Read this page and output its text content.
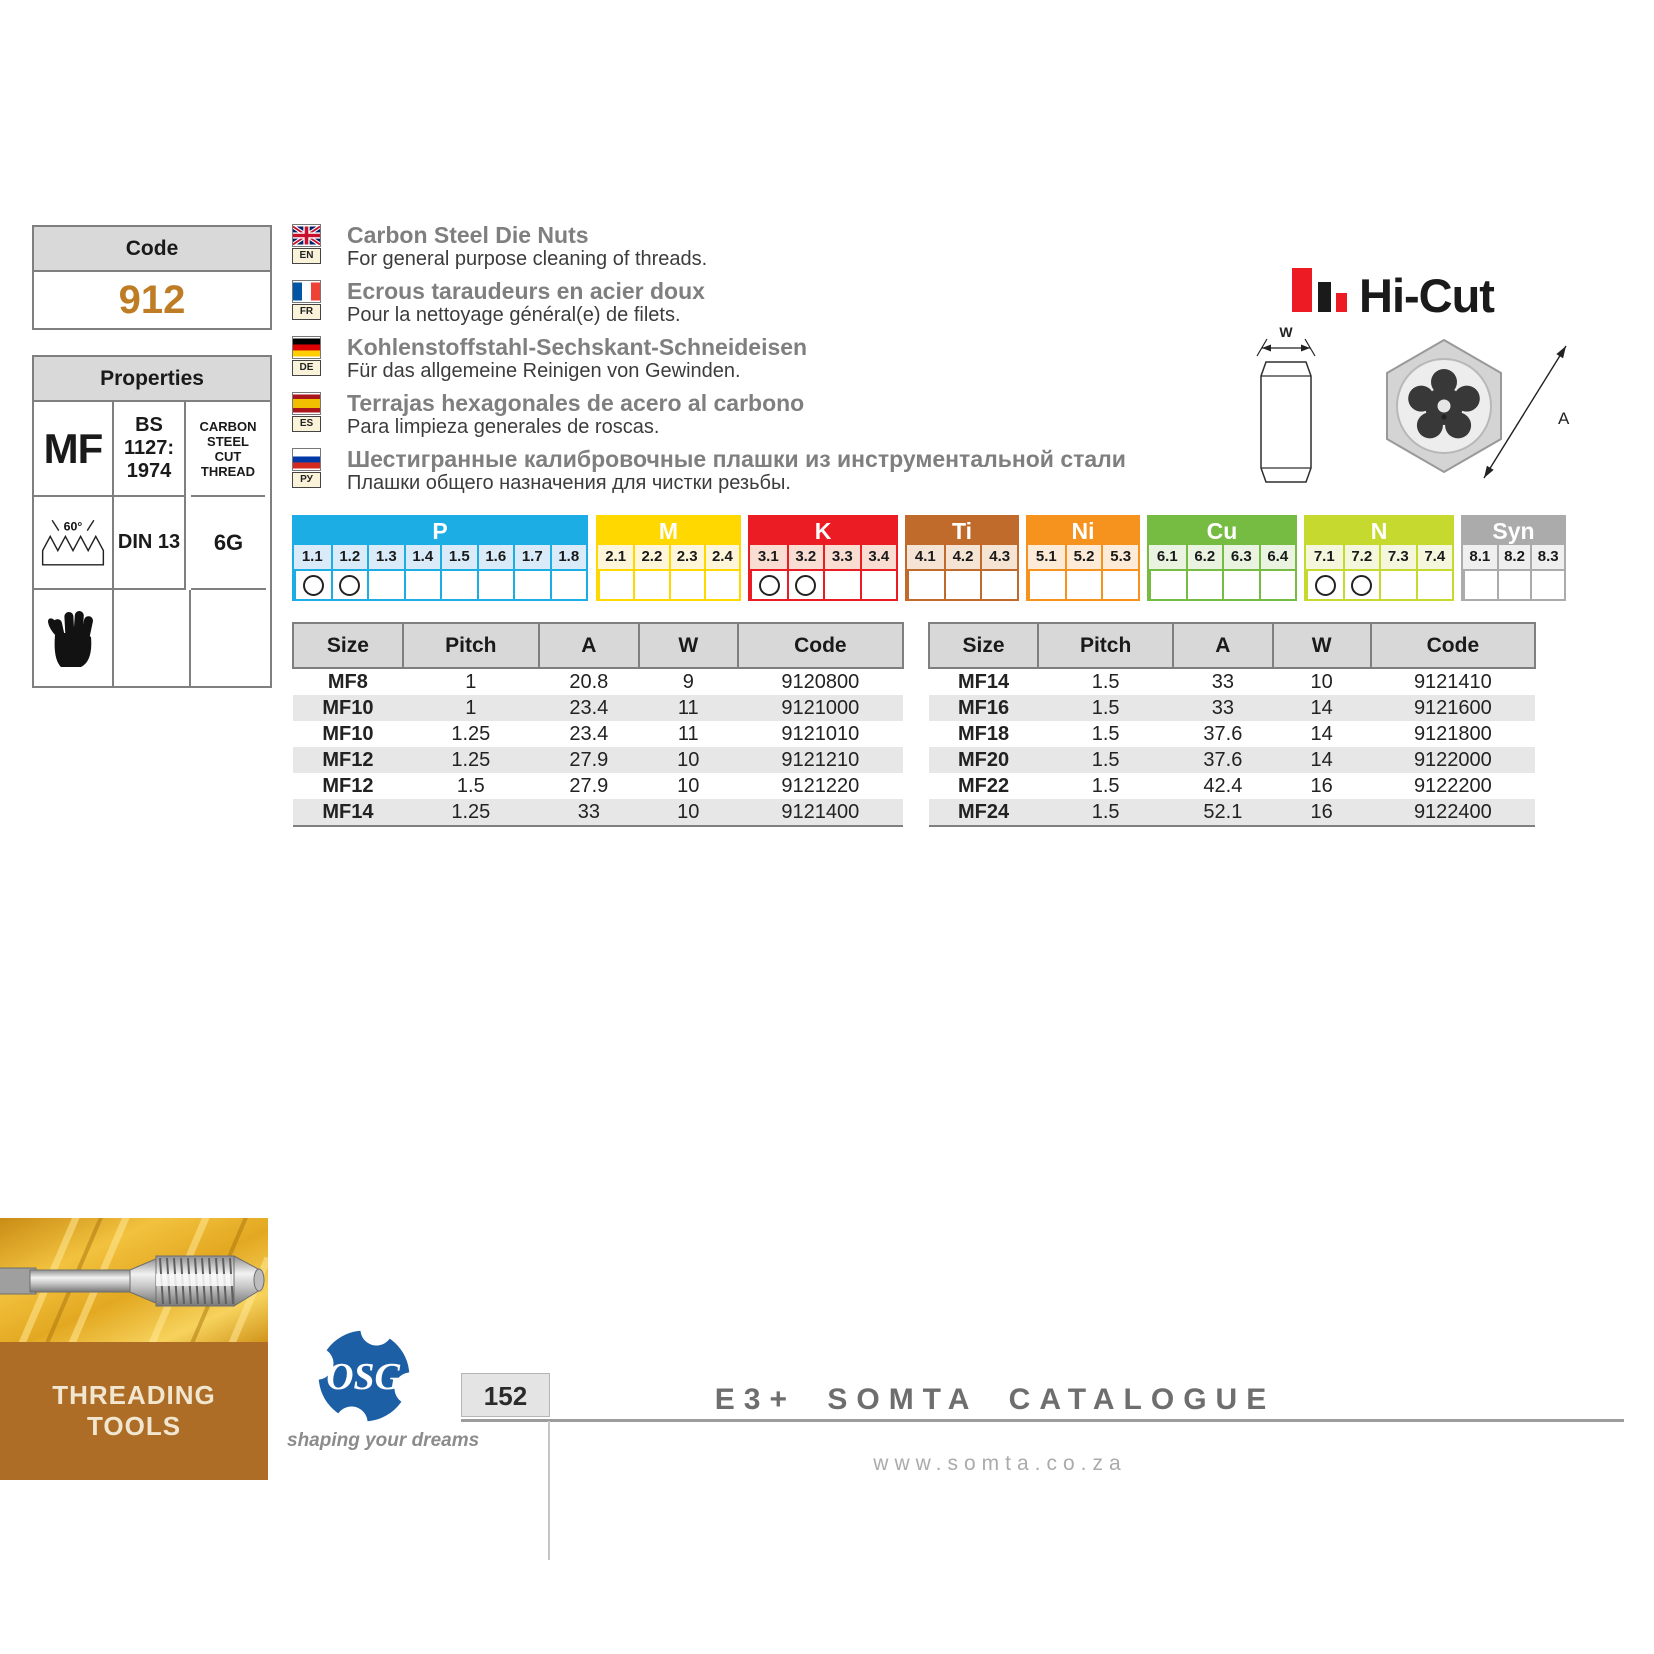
Code
912
Properties
MF	BS 1127: 1974
CARBON STEEL CUT THREAD
60°
DIN 13	6G
EN
Carbon Steel Die Nuts
For general purpose cleaning of threads.
FR
Ecrous taraudeurs en acier doux
Pour la nettoyage général(e) de filets.
DE
Kohlenstoffstahl-Sechskant-Schneideisen
Für das allgemeine Reinigen von Gewinden.
ES
Terrajas hexagonales de acero al carbono
Para limpieza generales de roscas.
РУ
Шестигранные калибровочные плашки из инструментальной стали
Плашки общего назначения для чистки резьбы.
Hi-Cut
W
A
P
1.1	1.2	1.3	1.4	1.5	1.6	1.7	1.8
M
2.1	2.2 2.3 2.4
K
3.1	3.2	3.3	3.4
Ti
4.1	4.2	4.3
Ni
5.1	5.2	5.3
Cu
6.1	6.2	6.3	6.4
N
7.1	7.2	7.3	7.4
Syn
8.1 8.2 8.3
Size	Pitch	A	W	Code
MF8	1	20.8	9	9120800
MF10	1	23.4	11	9121000
MF10	1.25	23.4	11	9121010
MF12	1.25	27.9	10	9121210
MF12	1.5	27.9	10	9121220
MF14	1.25	33	10	9121400
Size	Pitch	A	W	Code
MF14	1.5	33	10	9121410
MF16	1.5	33	14	9121600
MF18	1.5	37.6	14	9121800
MF20	1.5	37.6	14	9122000
MF22	1.5	42.4	16	9122200
MF24	1.5	52.1	16	9122400
THREADING TOOLS
OSG
shaping your dreams
152	E3+ SOMTA CATALOGUE
www.somta.co.za
